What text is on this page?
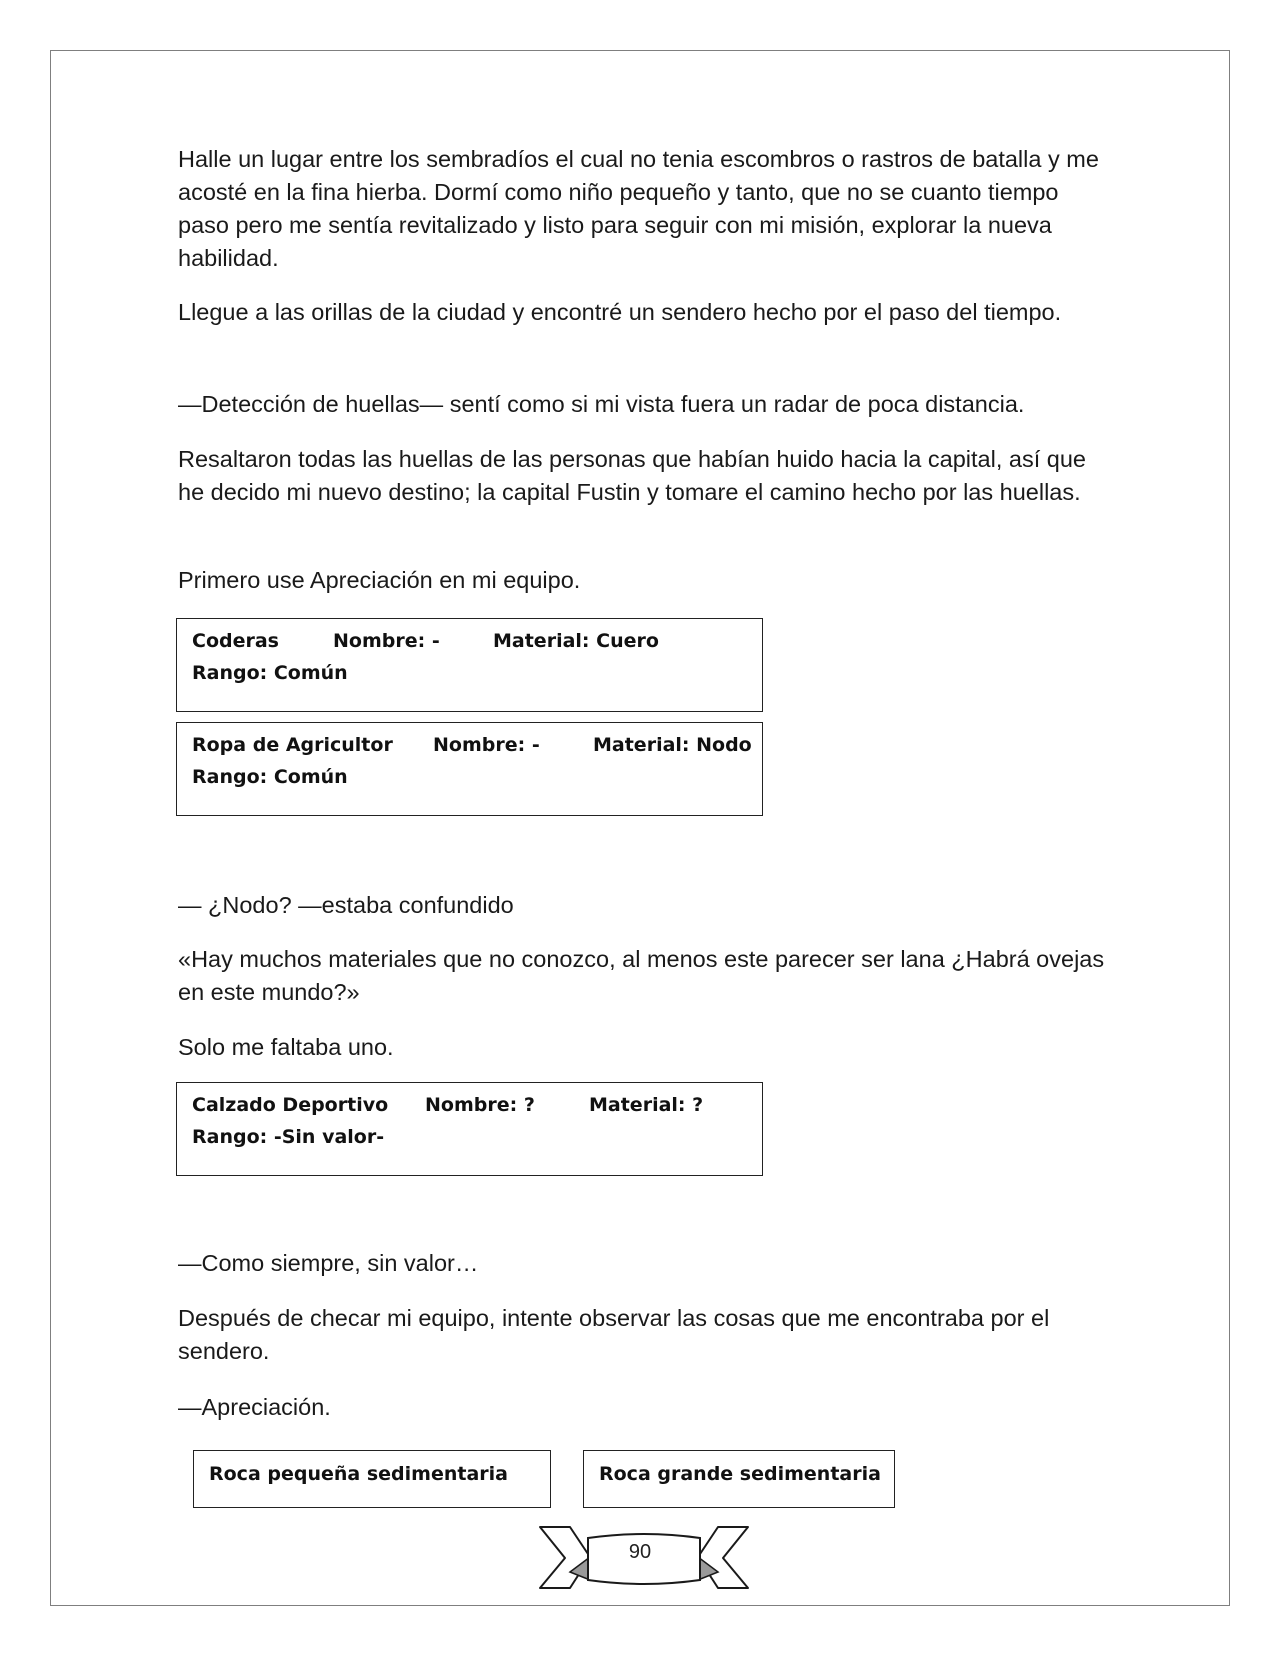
Halle un lugar entre los sembradíos el cual no tenia escombros o rastros de batalla y me acosté en la fina hierba. Dormí como niño pequeño y tanto, que no se cuanto tiempo paso pero me sentía revitalizado y listo para seguir con mi misión, explorar la nueva habilidad.

Llegue a las orillas de la ciudad y encontré un sendero hecho por el paso del tiempo.

—Detección de huellas— sentí como si mi vista fuera un radar de poca distancia.

Resaltaron todas las huellas de las personas que habían huido hacia la capital, así que he decido mi nuevo destino; la capital Fustin y tomare el camino hecho por las huellas.

Primero use Apreciación en mi equipo.

Coderas	Nombre: -	Material: Cuero
Rango: Común
Ropa de Agricultor Nombre: -	Material: Nodo
Rango: Común

— ¿Nodo? —estaba confundido

«Hay muchos materiales que no conozco, al menos este parecer ser lana ¿Habrá ovejas en este mundo?»

Solo me faltaba uno.

Calzado Deportivo Nombre: ?	Material: ?
Rango: -Sin valor-

—Como siempre, sin valor…

Después de checar mi equipo, intente observar las cosas que me encontraba por el sendero.

—Apreciación.

Roca pequeña sedimentaria	Roca grande sedimentaria
90
